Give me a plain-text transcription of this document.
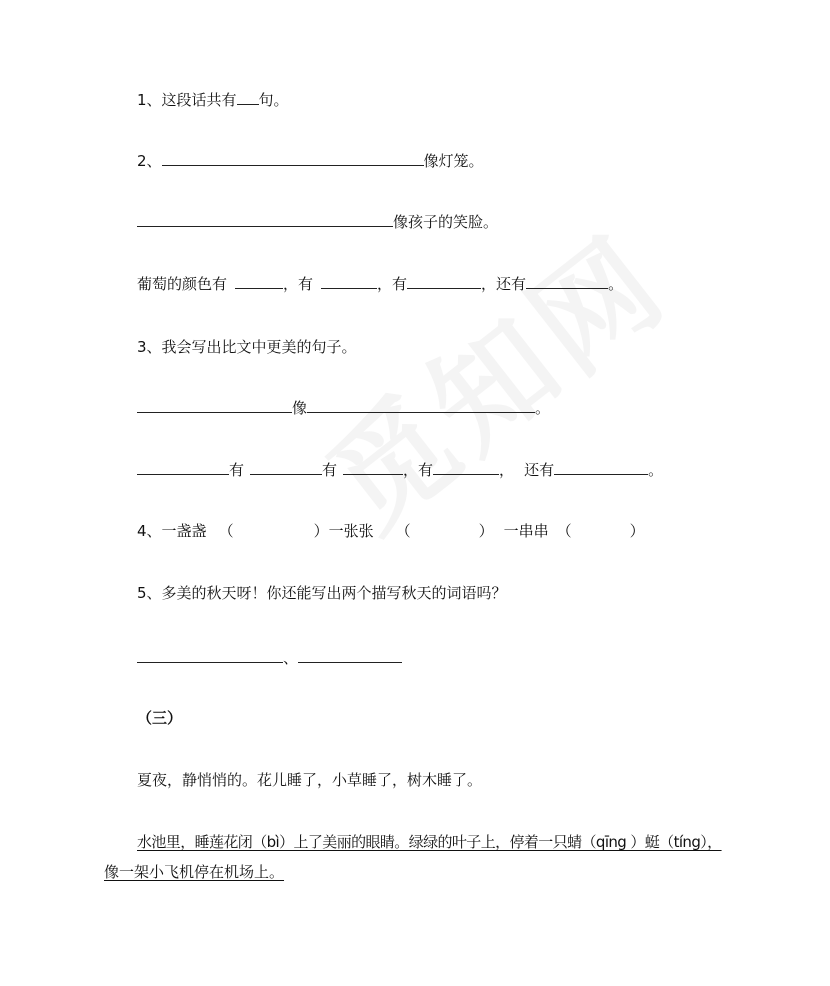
1、这段话共有 句。
2、	像灯笼。
像孩子的笑脸。
葡萄的颜色有	，有	，有	，还有	。
3、我会写出比文中更美的句子。
像	。
有	有	，有	， 还有	。
4、一盏盏 （	）一张张 （	） 一串串 （	）
5、多美的秋天呀！你还能写出两个描写秋天的词语吗？
、
（三）
夏夜，静悄悄的。花儿睡了，小草睡了，树木睡了。
水池里，睡莲花闭（bì）上了美丽的眼睛。绿绿的叶子上，停着一只蜻（qīng ）蜓（tíng），
像一架小飞机停在机场上。
